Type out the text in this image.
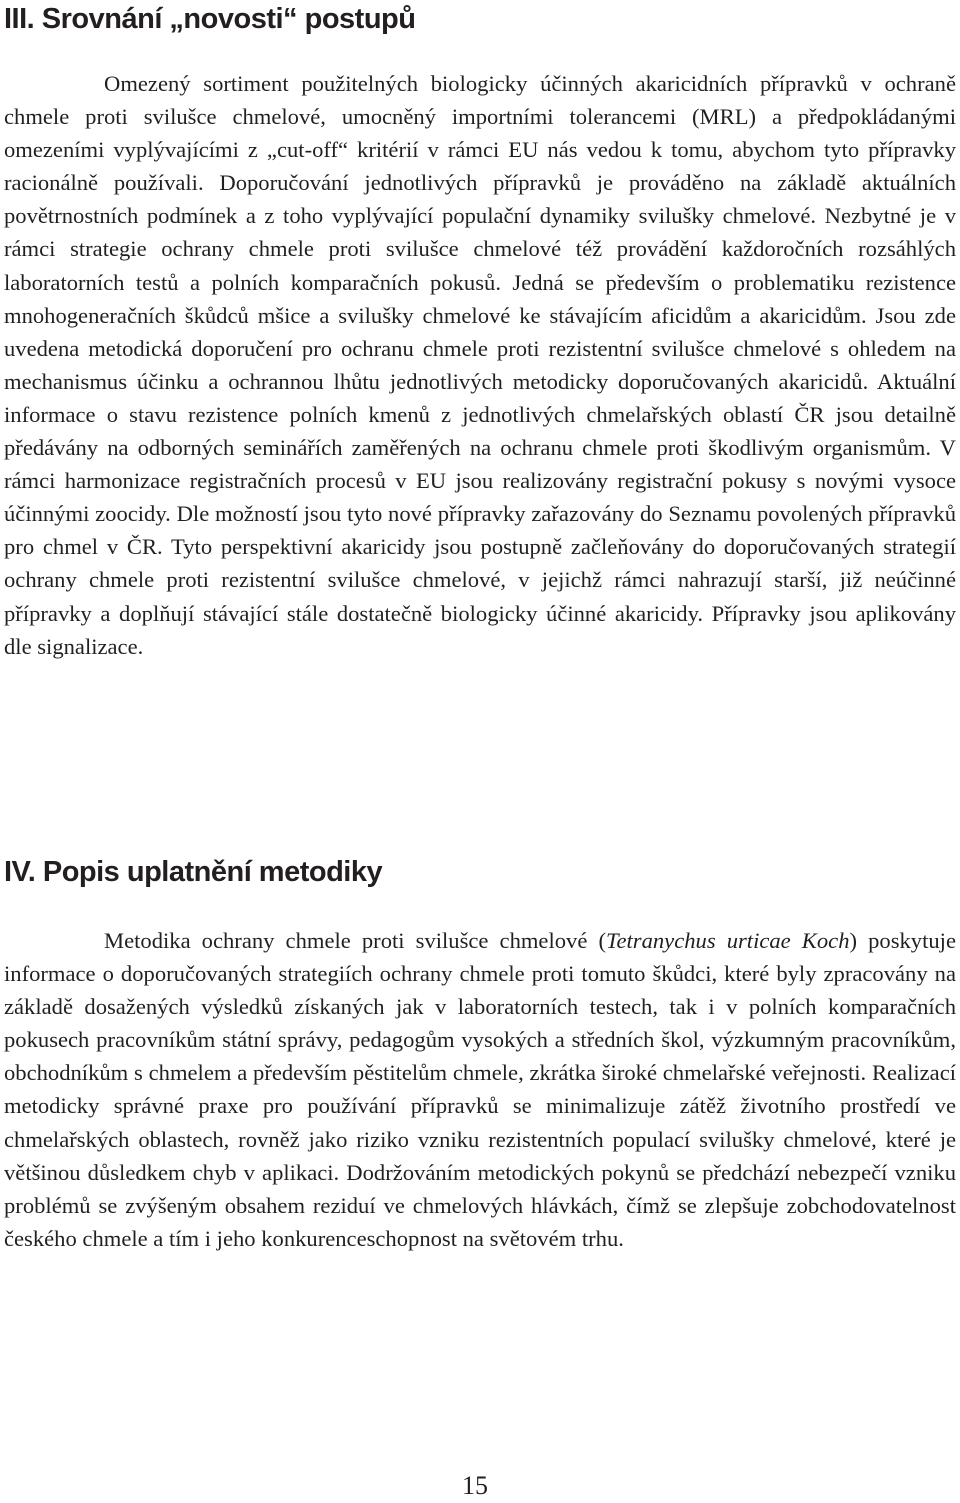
III. Srovnání „novosti“ postupů

Omezený sortiment použitelných biologicky účinných akaricidních přípravků v ochraně chmele proti svilušce chmelové, umocněný importními tolerancemi (MRL) a předpokládanými omezeními vyplývajícími z „cut-off“ kritérií v rámci EU nás vedou k tomu, abychom tyto přípravky racionálně používali. Doporučování jednotlivých přípravků je prováděno na základě aktuálních povětrnostních podmínek a z toho vyplývající populační dynamiky svilušky chmelové. Nezbytné je v rámci strategie ochrany chmele proti svilušce chmelové též provádění každoročních rozsáhlých laboratorních testů a polních komparačních pokusů. Jedná se především o problematiku rezistence mnohogeneračních škůdců mšice a svilušky chmelové ke stávajícím aficidům a akaricidům. Jsou zde uvedena metodická doporučení pro ochranu chmele proti rezistentní svilušce chmelové s ohledem na mechanismus účinku a ochrannou lhůtu jednotlivých metodicky doporučovaných akaricidů. Aktuální informace o stavu rezistence polních kmenů z jednotlivých chmelařských oblastí ČR jsou detailně předávány na odborných seminářích zaměřených na ochranu chmele proti škodlivým organismům. V rámci harmonizace registračních procesů v EU jsou realizovány registrační pokusy s novými vysoce účinnými zoocidy. Dle možností jsou tyto nové přípravky zařazovány do Seznamu povolených přípravků pro chmel v ČR. Tyto perspektivní akaricidy jsou postupně začleňovány do doporučovaných strategií ochrany chmele proti rezistentní svilušce chmelové, v jejichž rámci nahrazují starší, již neúčinné přípravky a doplňují stávající stále dostatečně biologicky účinné akaricidy. Přípravky jsou aplikovány dle signalizace.

IV. Popis uplatnění metodiky

Metodika ochrany chmele proti svilušce chmelové (Tetranychus urticae Koch) poskytuje informace o doporučovaných strategiích ochrany chmele proti tomuto škůdci, které byly zpracovány na základě dosažených výsledků získaných jak v laboratorních testech, tak i v polních komparačních pokusech pracovníkům státní správy, pedagogům vysokých a středních škol, výzkumným pracovníkům, obchodníkům s chmelem a především pěstitelům chmele, zkrátka široké chmelařské veřejnosti. Realizací metodicky správné praxe pro používání přípravků se minimalizuje zátěž životního prostředí ve chmelařských oblastech, rovněž jako riziko vzniku rezistentních populací svilušky chmelové, které je většinou důsledkem chyb v aplikaci. Dodržováním metodických pokynů se předchází nebezpečí vzniku problémů se zvýšeným obsahem reziduí ve chmelových hlávkách, čímž se zlepšuje zobchodovatelnost českého chmele a tím i jeho konkurenceschopnost na světovém trhu.

15
